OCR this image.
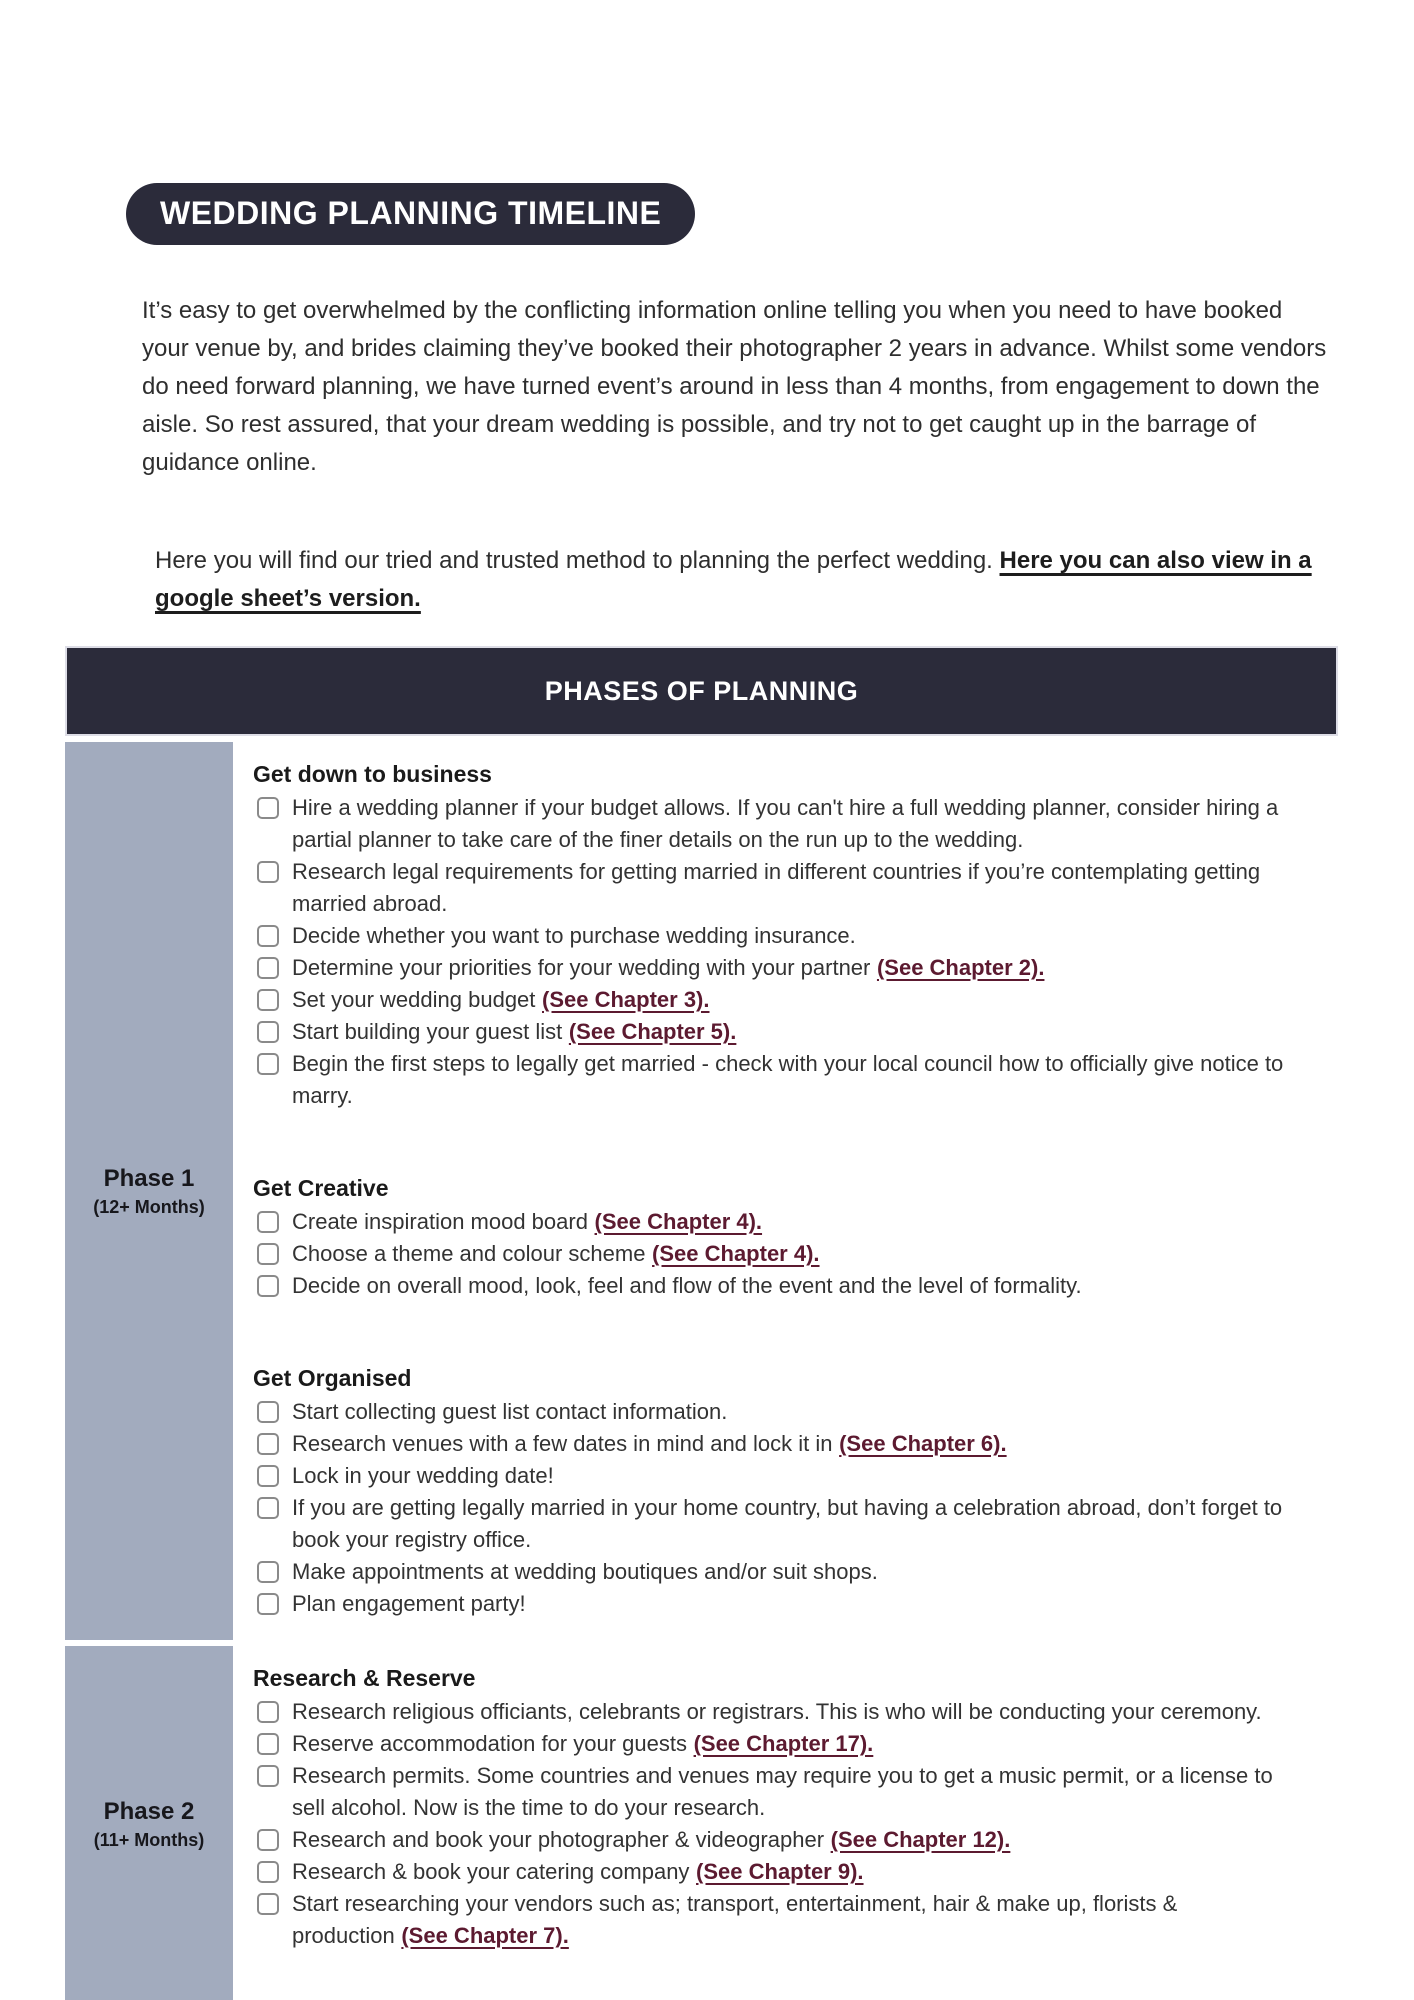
WEDDING PLANNING TIMELINE

It’s easy to get overwhelmed by the conflicting information online telling you when you need to have booked your venue by, and brides claiming they’ve booked their photographer 2 years in advance. Whilst some vendors do need forward planning, we have turned event’s around in less than 4 months, from engagement to down the aisle. So rest assured, that your dream wedding is possible, and try not to get caught up in the barrage of guidance online.

Here you will find our tried and trusted method to planning the perfect wedding. Here you can also view in a google sheet’s version.

PHASES OF PLANNING
Phase 1
(12+ Months)
Get down to business
Hire a wedding planner if your budget allows. If you can't hire a full wedding planner, consider hiring a partial planner to take care of the finer details on the run up to the wedding.
Research legal requirements for getting married in different countries if you’re contemplating getting married abroad.
Decide whether you want to purchase wedding insurance.
Determine your priorities for your wedding with your partner (See Chapter 2).
Set your wedding budget (See Chapter 3).
Start building your guest list (See Chapter 5).
Begin the first steps to legally get married - check with your local council how to officially give notice to marry.
Get Creative
Create inspiration mood board (See Chapter 4).
Choose a theme and colour scheme (See Chapter 4).
Decide on overall mood, look, feel and flow of the event and the level of formality.
Get Organised
Start collecting guest list contact information.
Research venues with a few dates in mind and lock it in (See Chapter 6).
Lock in your wedding date!
If you are getting legally married in your home country, but having a celebration abroad, don’t forget to book your registry office.
Make appointments at wedding boutiques and/or suit shops.
Plan engagement party!
Phase 2
(11+ Months)
Research & Reserve
Research religious officiants, celebrants or registrars. This is who will be conducting your ceremony.
Reserve accommodation for your guests (See Chapter 17).
Research permits. Some countries and venues may require you to get a music permit, or a license to sell alcohol. Now is the time to do your research.
Research and book your photographer & videographer (See Chapter 12).
Research & book your catering company (See Chapter 9).
Start researching your vendors such as; transport, entertainment, hair & make up, florists & production (See Chapter 7).
